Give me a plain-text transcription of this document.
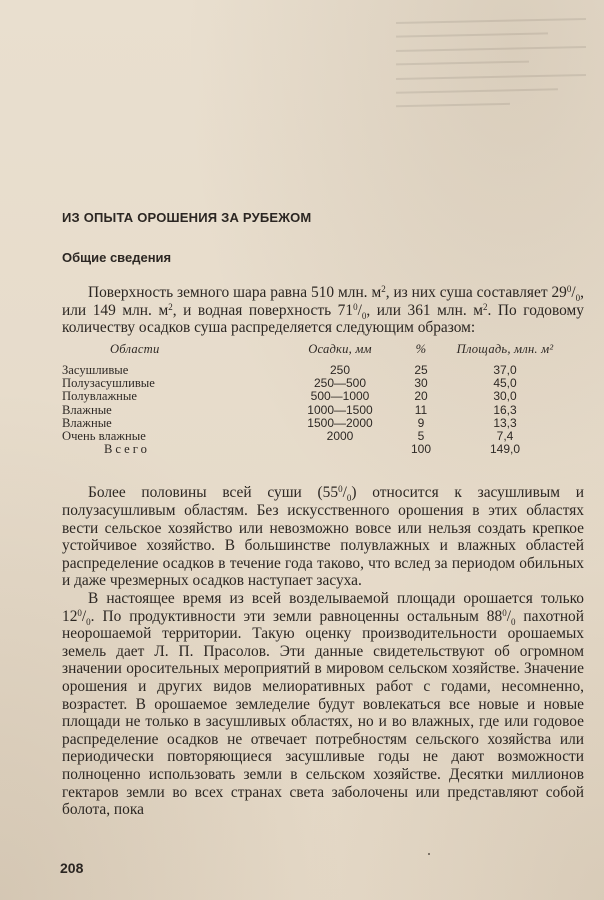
ИЗ ОПЫТА ОРОШЕНИЯ ЗА РУБЕЖОМ
Общие сведения

Поверхность земного шара равна 510 млн. $м^2$, из них суша составляет $29^0/_0$, или 149 млн. $м^2$, и водная поверхность $71^0/_0$, или 361 млн. $м^2$. По годовому количеству осадков суша распределяется следующим образом:

Области	Осадки, мм	%	Площадь, млн. м²
Засушливые	250	25	37,0
Полузасушливые	250—500	30	45,0
Полувлажные	500—1000	20	30,0
Влажные	1000—1500	11	16,3
Влажные	1500—2000	9	13,3
Очень влажные	2000	5	7,4
Всего		100	149,0

Более половины всей суши $(55^0/_0)$ относится к засушливым и полузасушливым областям. Без искусственного орошения в этих областях вести сельское хозяйство или невозможно вовсе или нельзя создать крепкое устойчивое хозяйство. В большинстве полувлажных и влажных областей распределение осадков в течение года таково, что вслед за периодом обильных и даже чрезмерных осадков наступает засуха.

В настоящее время из всей возделываемой площади орошается только $12^0/_0$. По продуктивности эти земли равноценны остальным $88^0/_0$ пахотной неорошаемой территории. Такую оценку производительности орошаемых земель дает Л. П. Прасолов. Эти данные свидетельствуют об огромном значении оросительных мероприятий в мировом сельском хозяйстве. Значение орошения и других видов мелиоративных работ с годами, несомненно, возрастет. В орошаемое земледелие будут вовлекаться все новые и новые площади не только в засушливых областях, но и во влажных, где или годовое распределение осадков не отвечает потребностям сельского хозяйства или периодически повторяющиеся засушливые годы не дают возможности полноценно использовать земли в сельском хозяйстве. Десятки миллионов гектаров земли во всех странах света заболочены или представляют собой болота, пока

208
